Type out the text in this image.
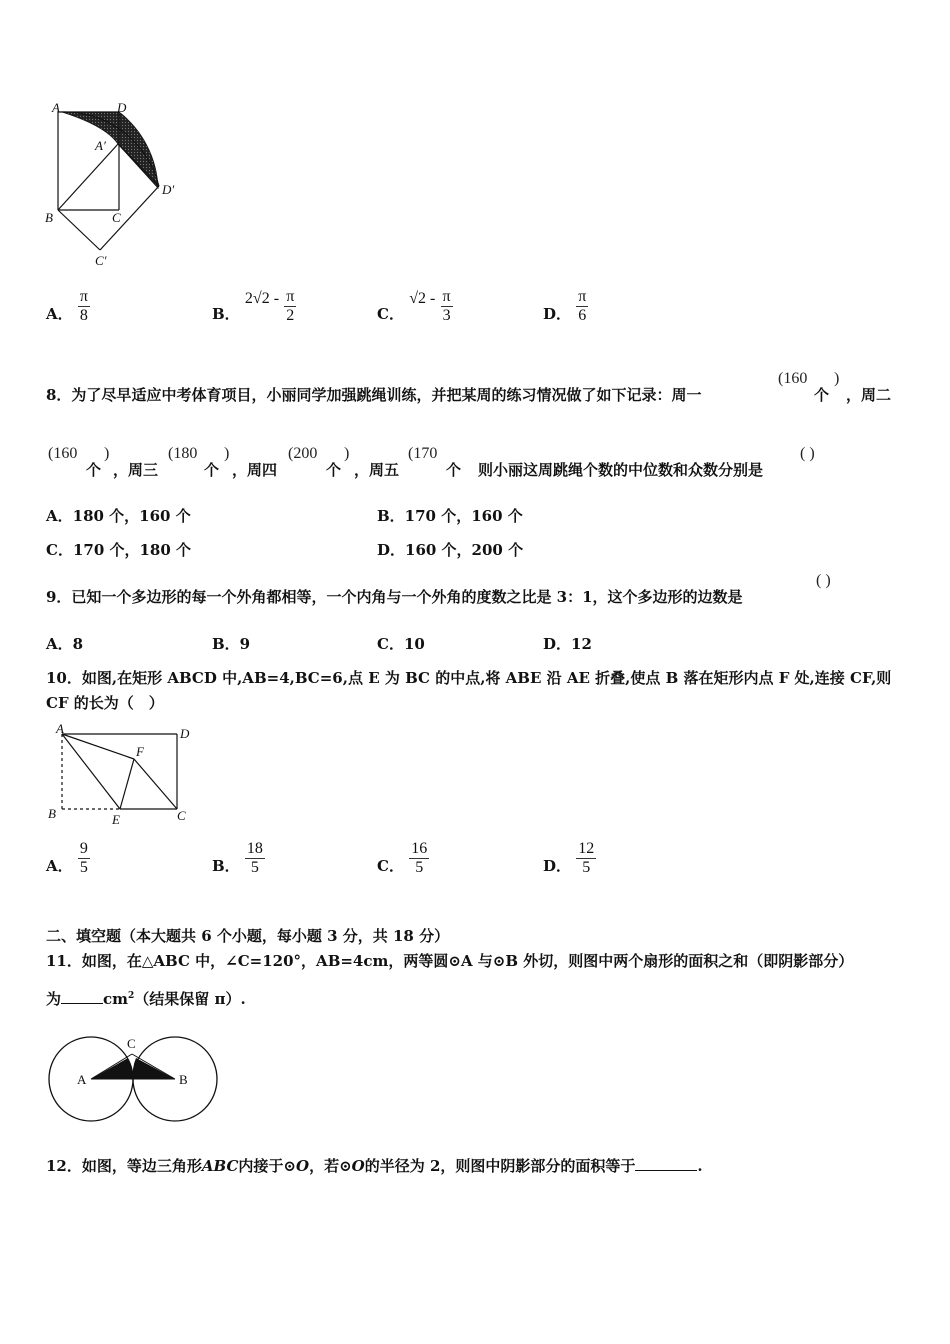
A	D
A′
D′
B	C
C′
A． $\frac{\pi}{8}$	B． $2√2 - \frac{\pi}{2}$	C． $√2 - \frac{\pi}{3}$	D． $\frac{\pi}{6}$
8．为了尽早适应中考体育项目，小丽同学加强跳绳训练，并把某周的练习情况做了如下记录：周一
(160
个
)
，周二
(160
个
)
，周三
(180
个
)
，周四
(200
个
)
，周五
(170
个 则小丽这周跳绳个数的中位数和众数分别是
( )
A．180 个，160 个	B．170 个，160 个
C．170 个，180 个	D．160 个，200 个
9．已知一个多边形的每一个外角都相等，一个内角与一个外角的度数之比是 3：1，这个多边形的边数是
( )
A．8	B．9	C．10	D．12
10．如图,在矩形 ABCD 中,AB=4,BC=6,点 E 为 BC 的中点,将 ABE 沿 AE 折叠,使点 B 落在矩形内点 F 处,连接 CF,则
CF 的长为（　）
A	D
F
B	E	C
A． $\frac{9}{5}$	B． $\frac{18}{5}$	C． $\frac{16}{5}$	D． $\frac{12}{5}$
二、填空题（本大题共 6 个小题，每小题 3 分，共 18 分）
11．如图，在△ABC 中，∠C=120°，AB=4cm，两等圆⊙A 与⊙B 外切，则图中两个扇形的面积之和（即阴影部分）
为	$cm^2$（结果保留 π）.
A	B
C
12．如图，等边三角形ABC内接于⊙O，若⊙O的半径为 2，则图中阴影部分的面积等于	.
